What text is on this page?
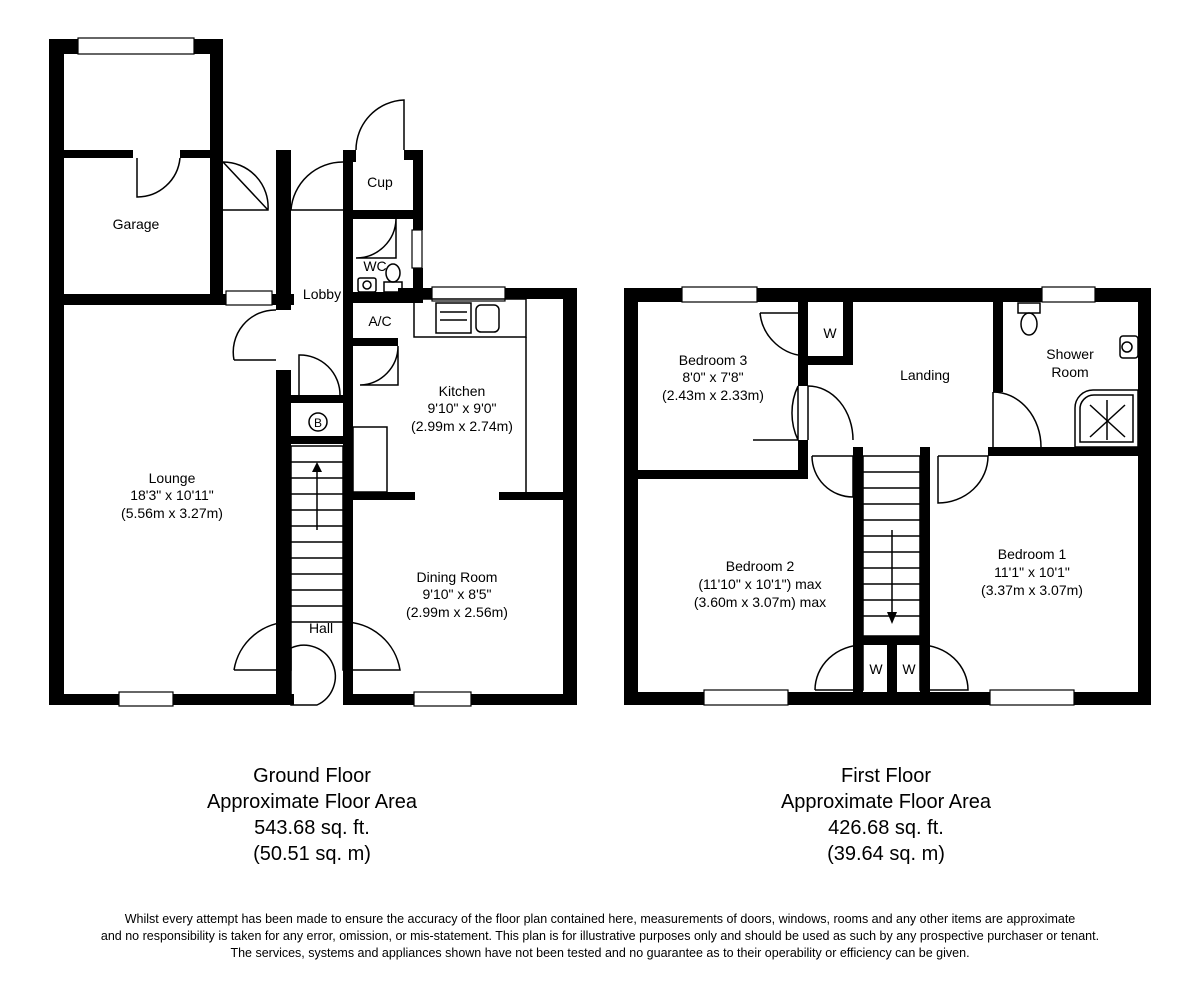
Garage
Lobby
Cup
WC
A/C
B
Lounge
18'3" x 10'11"
(5.56m x 3.27m)
Kitchen
9'10" x 9'0"
(2.99m x 2.74m)
Dining Room
9'10" x 8'5"
(2.99m x 2.56m)
Hall
Bedroom 3
8'0" x 7'8"
(2.43m x 2.33m)
W
Landing
Shower
Room
Bedroom 2
(11'10" x 10'1") max
(3.60m x 3.07m) max
Bedroom 1
11'1" x 10'1"
(3.37m x 3.07m)
W W
Ground Floor
Approximate Floor Area
543.68 sq. ft.
(50.51 sq. m)
First Floor
Approximate Floor Area
426.68 sq. ft.
(39.64 sq. m)
Whilst every attempt has been made to ensure the accuracy of the floor plan contained here, measurements of doors, windows, rooms and any other items are approximate
and no responsibility is taken for any error, omission, or mis-statement. This plan is for illustrative purposes only and should be used as such by any prospective purchaser or tenant.
The services, systems and appliances shown have not been tested and no guarantee as to their operability or efficiency can be given.
